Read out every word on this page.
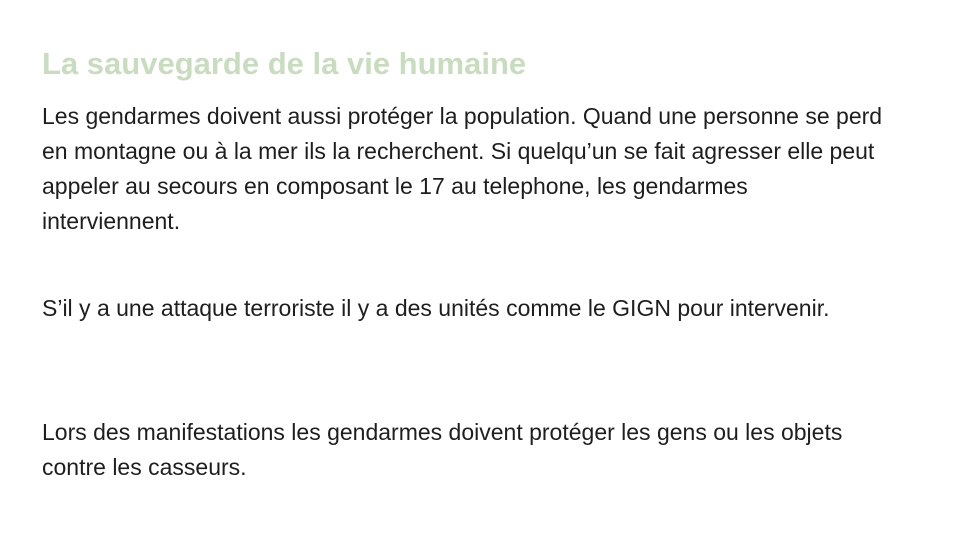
La sauvegarde de la vie humaine

Les gendarmes doivent aussi protéger la population. Quand une personne se perd en montagne ou à la mer ils la recherchent. Si quelqu’un se fait agresser elle peut appeler au secours en composant le 17 au telephone, les gendarmes interviennent.

S’il y a une attaque terroriste il y a des unités comme le GIGN pour intervenir.

Lors des manifestations les gendarmes doivent protéger les gens ou les objets contre les casseurs.
